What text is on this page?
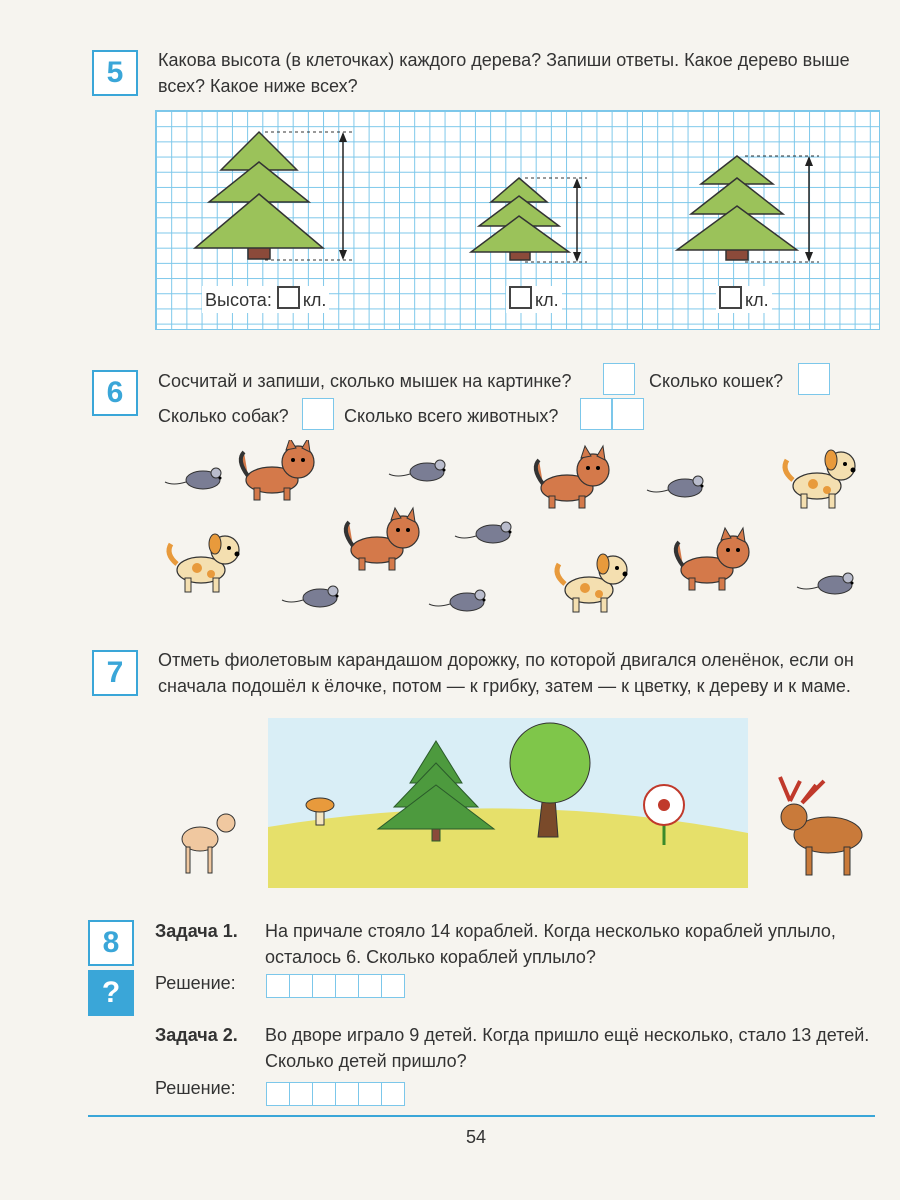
5 Какова высота (в клеточках) каждого дерева? Запиши ответы. Какое дерево выше всех? Какое ниже всех?
Высота: кл.	кл.	кл.
6 Сосчитай и запиши, сколько мышек на картинке?	Сколько кошек?
Сколько собак?	Сколько всего животных?
7 Отметь фиолетовым карандашом дорожку, по которой двигался оленёнок, если он сначала подошёл к ёлочке, потом — к грибку, затем — к цветку, к дереву и к маме.
8
?
Задача 1. На причале стояло 14 кораблей. Когда несколько кораблей уплыло, осталось 6. Сколько кораблей уплыло?
Решение:
Задача 2. Во дворе играло 9 детей. Когда пришло ещё несколько, стало 13 детей. Сколько детей пришло?
Решение:
54
